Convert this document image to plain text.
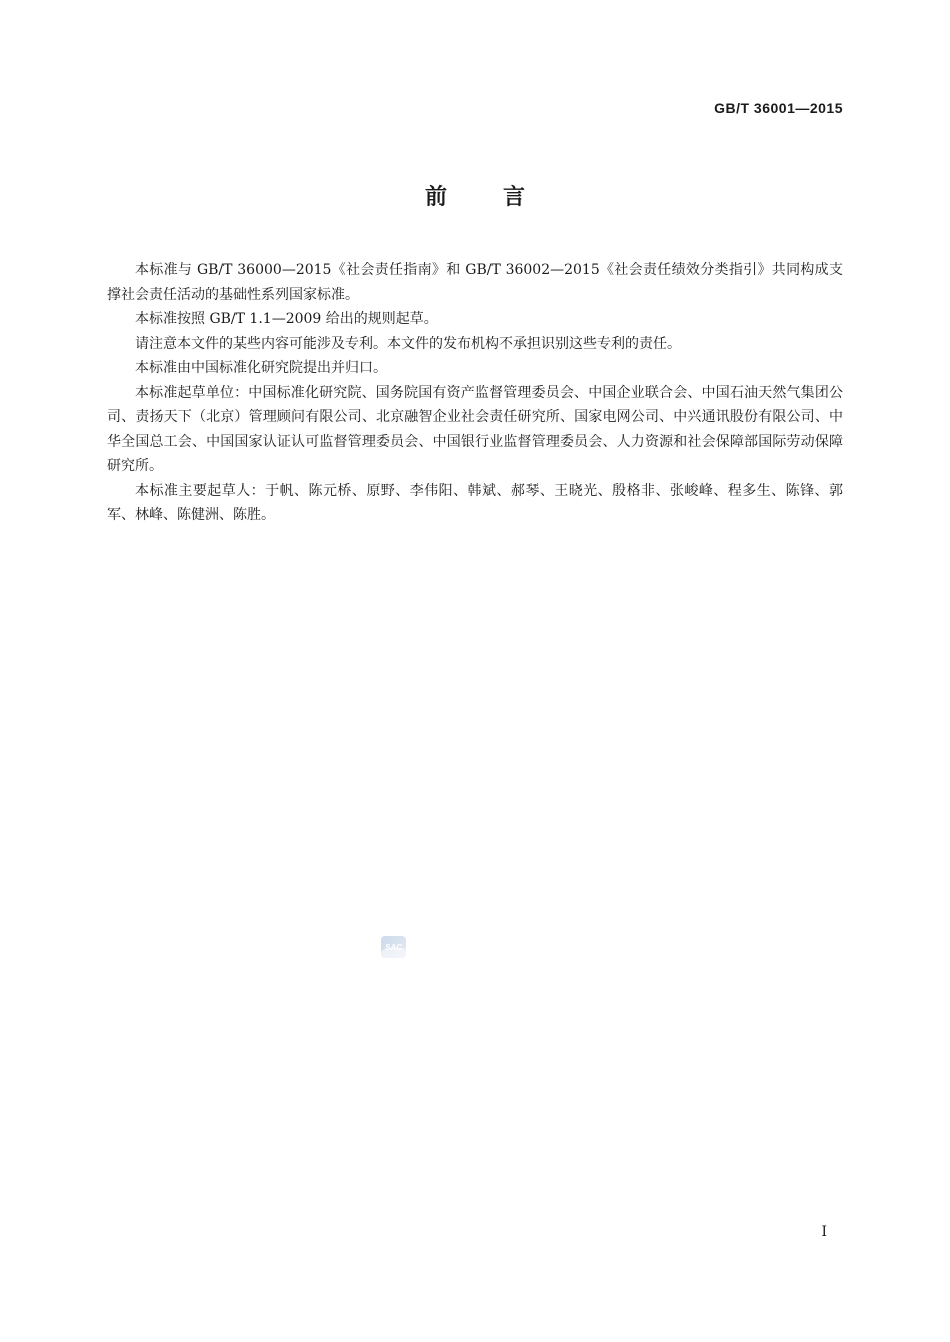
GB/T 36001—2015
前言

本标准与 GB/T 36000—2015《社会责任指南》和 GB/T 36002—2015《社会责任绩效分类指引》共同构成支撑社会责任活动的基础性系列国家标准。

本标准按照 GB/T 1.1—2009 给出的规则起草。

请注意本文件的某些内容可能涉及专利。本文件的发布机构不承担识别这些专利的责任。

本标准由中国标准化研究院提出并归口。

本标准起草单位：中国标准化研究院、国务院国有资产监督管理委员会、中国企业联合会、中国石油天然气集团公司、责扬天下（北京）管理顾问有限公司、北京融智企业社会责任研究所、国家电网公司、中兴通讯股份有限公司、中华全国总工会、中国国家认证认可监督管理委员会、中国银行业监督管理委员会、人力资源和社会保障部国际劳动保障研究所。

本标准主要起草人：于帆、陈元桥、原野、李伟阳、韩斌、郝琴、王晓光、殷格非、张峻峰、程多生、陈锋、郭军、林峰、陈健洲、陈胜。

SAC
I
